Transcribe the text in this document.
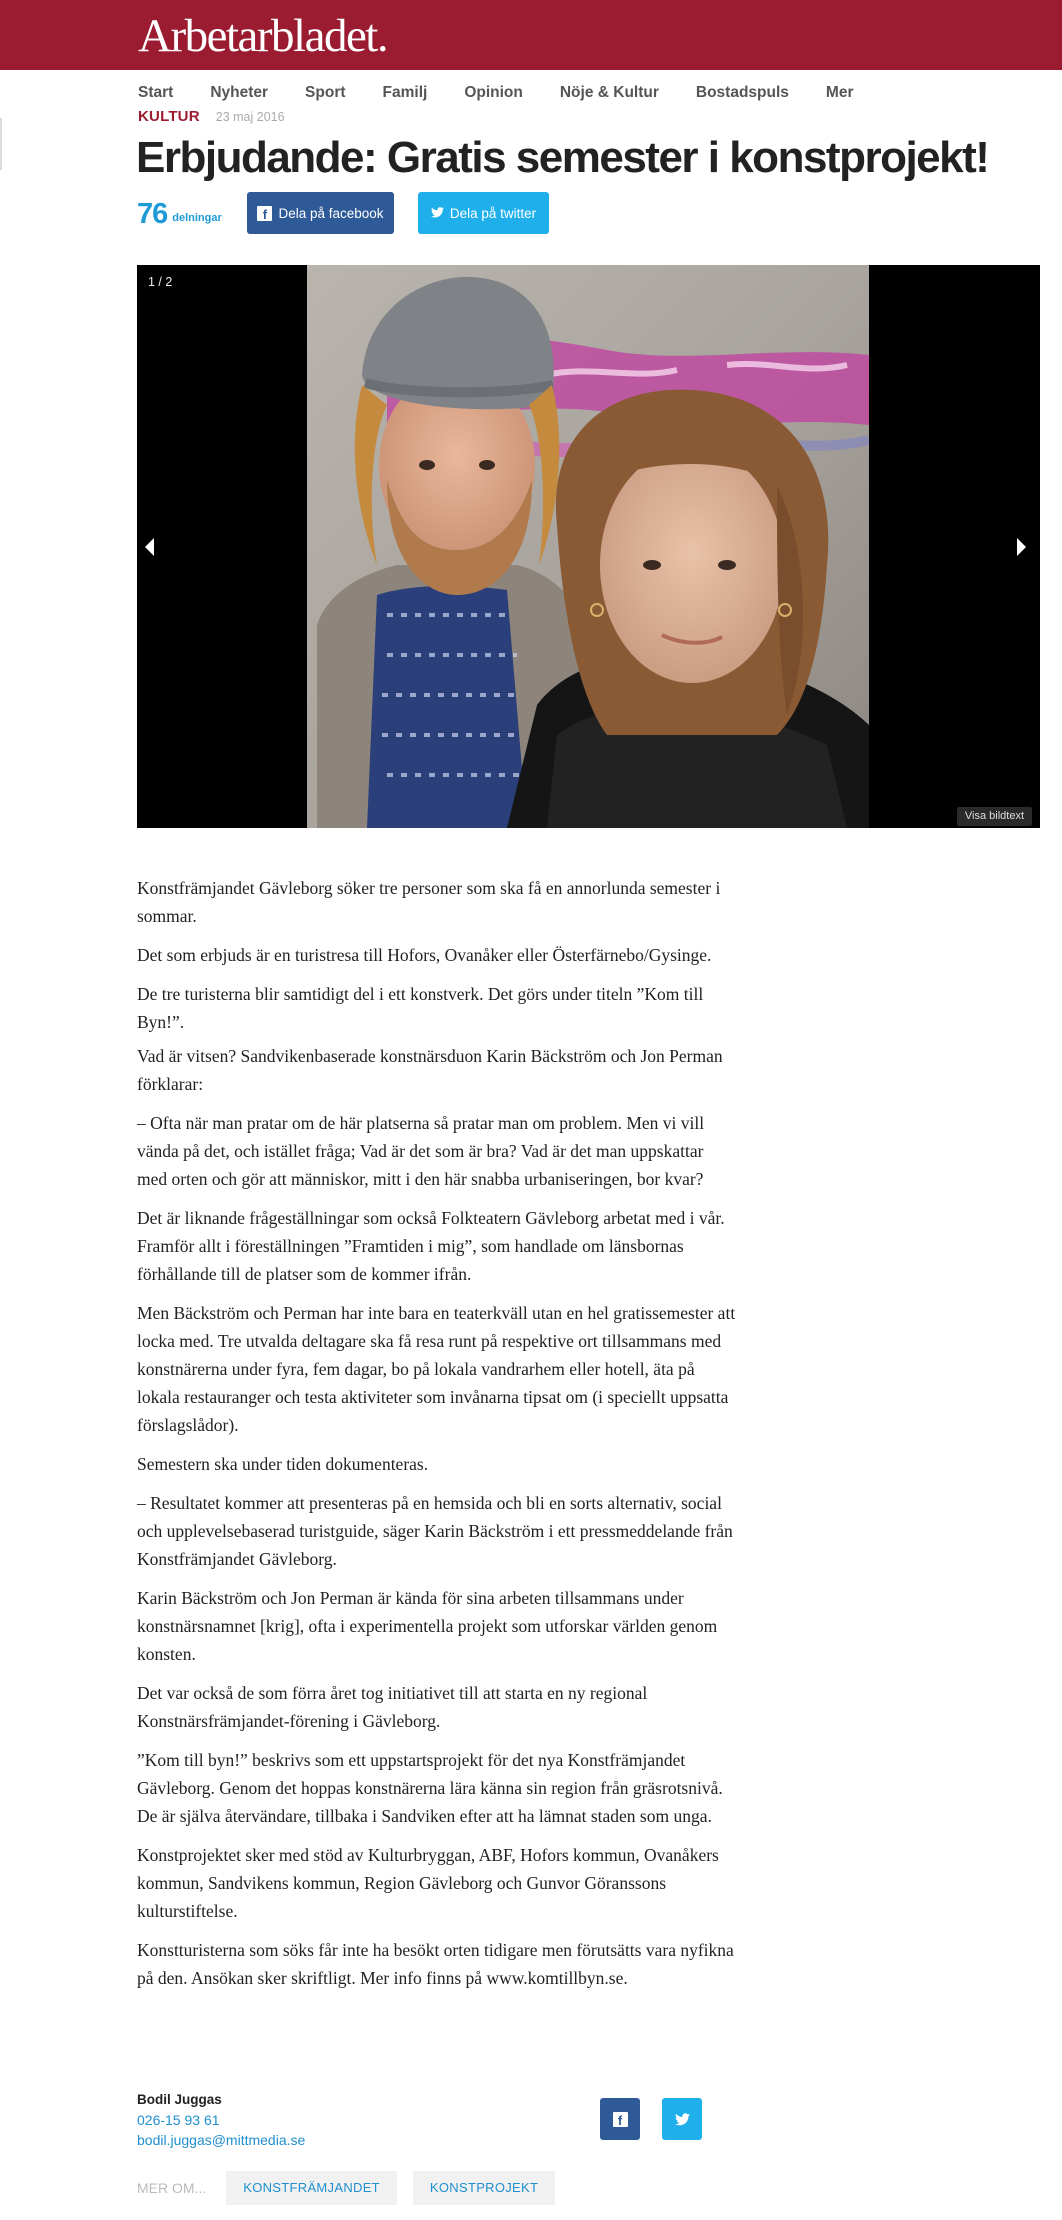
Arbetarbladet.
Start Nyheter Sport Familj Opinion Nöje & Kultur Bostadspuls Mer
KULTUR 23 maj 2016
Erbjudande: Gratis semester i konstprojekt!
76 delningar	f Dela på facebook	Dela på twitter
1 / 2
Visa bildtext

Konstfrämjandet Gävleborg söker tre personer som ska få en annorlunda semester i sommar.

Det som erbjuds är en turistresa till Hofors, Ovanåker eller Österfärnebo/Gysinge.

De tre turisterna blir samtidigt del i ett konstverk. Det görs under titeln ”Kom till Byn!”.

Vad är vitsen? Sandvikenbaserade konstnärsduon Karin Bäckström och Jon Perman förklarar:

– Ofta när man pratar om de här platserna så pratar man om problem. Men vi vill vända på det, och istället fråga; Vad är det som är bra? Vad är det man uppskattar med orten och gör att människor, mitt i den här snabba urbaniseringen, bor kvar?

Det är liknande frågeställningar som också Folkteatern Gävleborg arbetat med i vår. Framför allt i föreställningen ”Framtiden i mig”, som handlade om länsbornas förhållande till de platser som de kommer ifrån.

Men Bäckström och Perman har inte bara en teaterkväll utan en hel gratissemester att locka med. Tre utvalda deltagare ska få resa runt på respektive ort tillsammans med konstnärerna under fyra, fem dagar, bo på lokala vandrarhem eller hotell, äta på lokala restauranger och testa aktiviteter som invånarna tipsat om (i speciellt uppsatta förslagslådor).

Semestern ska under tiden dokumenteras.

– Resultatet kommer att presenteras på en hemsida och bli en sorts alternativ, social och upplevelsebaserad turistguide, säger Karin Bäckström i ett pressmeddelande från Konstfrämjandet Gävleborg.

Karin Bäckström och Jon Perman är kända för sina arbeten tillsammans under konstnärsnamnet [krig], ofta i experimentella projekt som utforskar världen genom konsten.

Det var också de som förra året tog initiativet till att starta en ny regional Konstnärsfrämjandet-förening i Gävleborg.

”Kom till byn!” beskrivs som ett uppstartsprojekt för det nya Konstfrämjandet Gävleborg. Genom det hoppas konstnärerna lära känna sin region från gräsrotsnivå. De är själva återvändare, tillbaka i Sandviken efter att ha lämnat staden som unga.

Konstprojektet sker med stöd av Kulturbryggan, ABF, Hofors kommun, Ovanåkers kommun, Sandvikens kommun, Region Gävleborg och Gunvor Göranssons kulturstiftelse.

Konstturisterna som söks får inte ha besökt orten tidigare men förutsätts vara nyfikna på den. Ansökan sker skriftligt. Mer info finns på www.komtillbyn.se.

Bodil Juggas
026-15 93 61
bodil.juggas@mittmedia.se
f
MER OM...	KONSTFRÄMJANDET	KONSTPROJEKT
